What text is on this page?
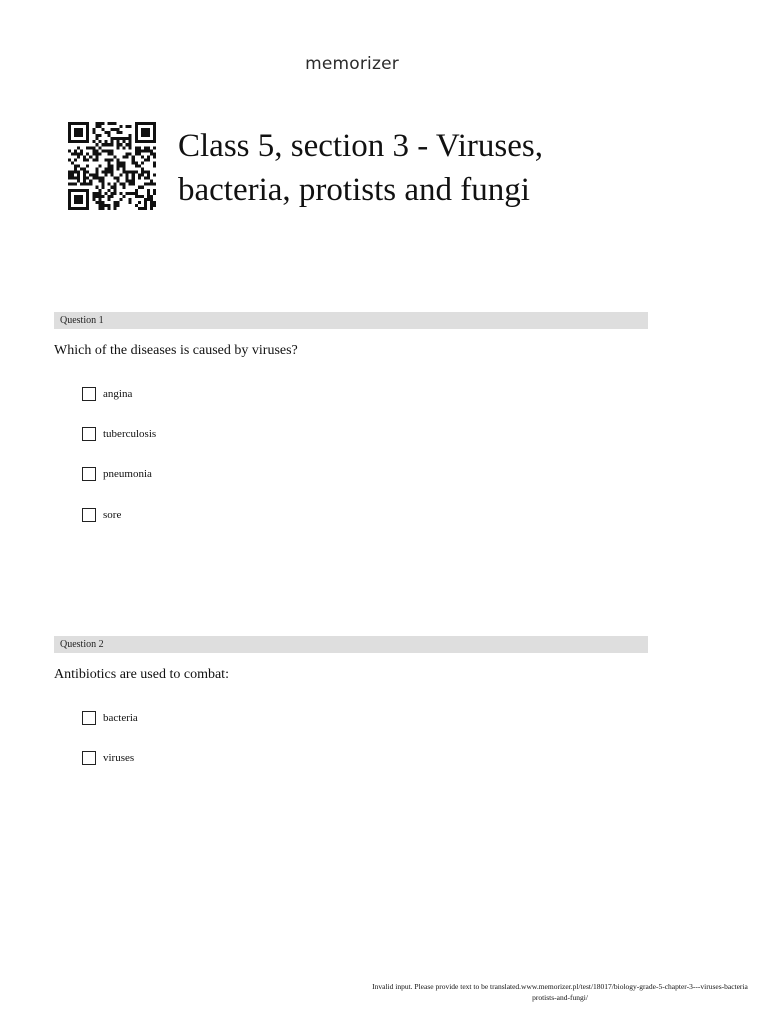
memorizer
Class 5, section 3 - Viruses,
bacteria, protists and fungi
Question 1
Which of the diseases is caused by viruses?
angina
tuberculosis
pneumonia
sore
Question 2
Antibiotics are used to combat:
bacteria
viruses
Invalid input. Please provide text to be translated.www.memorizer.pl/test/18017/biology-grade-5-chapter-3---viruses-bacteria
protists-and-fungi/
